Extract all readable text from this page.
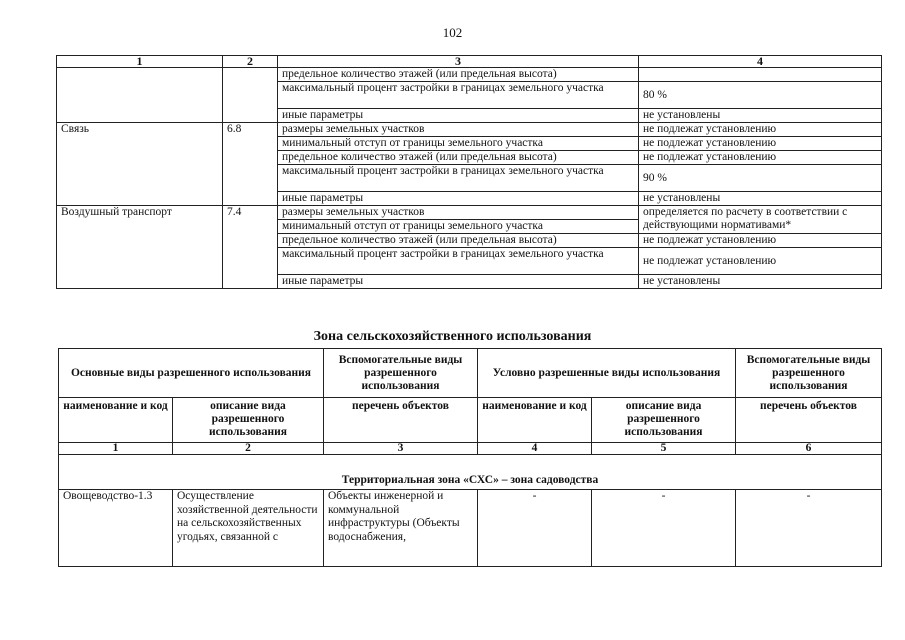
102
1	2	3	4
		предельное количество этажей (или предельная высота)	
		максимальный процент застройки в границах земельного участка	80 %
		иные параметры	не установлены
Связь	6.8	размеры земельных участков	не подлежат установлению
		минимальный отступ от границы земельного участка	не подлежат установлению
		предельное количество этажей (или предельная высота)	не подлежат установлению
		максимальный процент застройки в границах земельного участка	90 %
		иные параметры	не установлены
Воздушный транспорт	7.4	размеры земельных участков	определяется по расчету в соответствии с действующими нормативами*
		минимальный отступ от границы земельного участка	
		предельное количество этажей (или предельная высота)	не подлежат установлению
		максимальный процент застройки в границах земельного участка	не подлежат установлению
		иные параметры	не установлены
Зона сельскохозяйственного использования
Основные виды разрешенного использования		Вспомогательные виды разрешенного использования	Условно разрешенные виды использования		Вспомогательные виды разрешенного использования
наименование и код	описание вида разрешенного использования	перечень объектов	наименование и код	описание вида разрешенного использования	перечень объектов
1	2	3	4	5	6
Территориальная зона «СХС» – зона садоводства					
Овощеводство-1.3	Осуществление хозяйственной деятельности на сельскохозяйственных угодьях, связанной с	Объекты инженерной и коммунальной инфраструктуры (Объекты водоснабжения,	-	-	-
